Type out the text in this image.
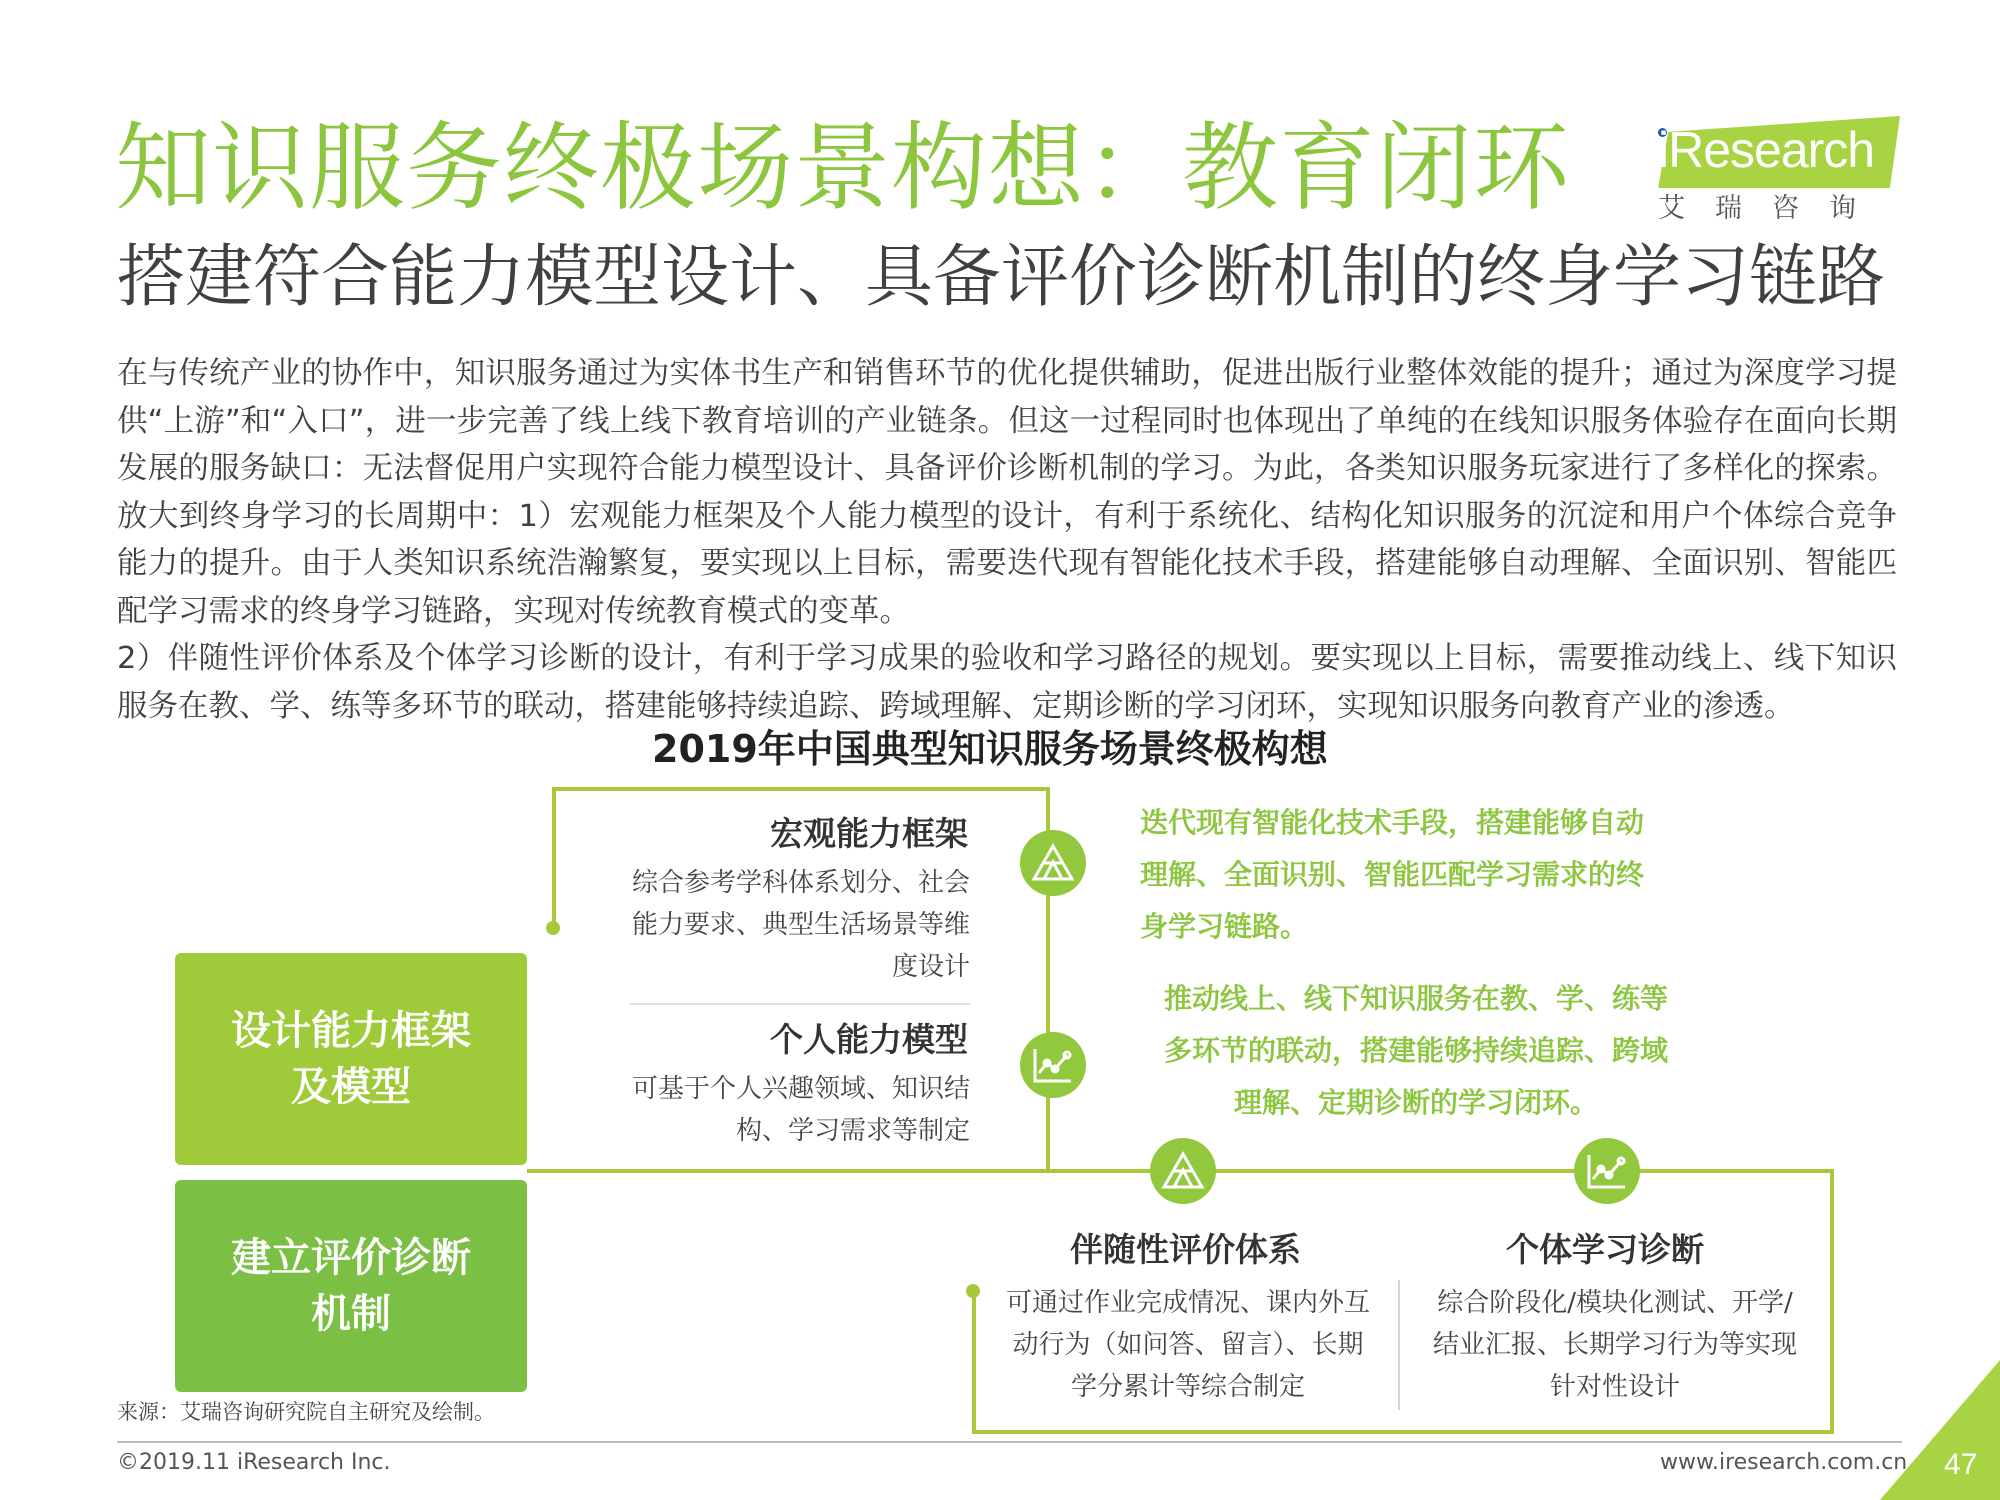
知识服务终极场景构想：教育闭环
搭建符合能力模型设计、具备评价诊断机制的终身学习链路
iResearch
艾瑞咨询

在与传统产业的协作中，知识服务通过为实体书生产和销售环节的优化提供辅助，促进出版行业整体效能的提升；通过为深度学习提供“上游”和“入口”，进一步完善了线上线下教育培训的产业链条。但这一过程同时也体现出了单纯的在线知识服务体验存在面向长期发展的服务缺口：无法督促用户实现符合能力模型设计、具备评价诊断机制的学习。为此，各类知识服务玩家进行了多样化的探索。放大到终身学习的长周期中：1）宏观能力框架及个人能力模型的设计，有利于系统化、结构化知识服务的沉淀和用户个体综合竞争能力的提升。由于人类知识系统浩瀚繁复，要实现以上目标，需要迭代现有智能化技术手段，搭建能够自动理解、全面识别、智能匹配学习需求的终身学习链路，实现对传统教育模式的变革。

2）伴随性评价体系及个体学习诊断的设计，有利于学习成果的验收和学习路径的规划。要实现以上目标，需要推动线上、线下知识服务在教、学、练等多环节的联动，搭建能够持续追踪、跨域理解、定期诊断的学习闭环，实现知识服务向教育产业的渗透。

2019年中国典型知识服务场景终极构想
设计能力框架及模型
建立评价诊断机制
宏观能力框架
综合参考学科体系划分、社会能力要求、典型生活场景等维度设计
个人能力模型
可基于个人兴趣领域、知识结构、学习需求等制定
迭代现有智能化技术手段，搭建能够自动理解、全面识别、智能匹配学习需求的终身学习链路。
推动线上、线下知识服务在教、学、练等多环节的联动，搭建能够持续追踪、跨域理解、定期诊断的学习闭环。
伴随性评价体系
可通过作业完成情况、课内外互动行为（如问答、留言）、长期学分累计等综合制定
个体学习诊断
综合阶段化/模块化测试、开学/结业汇报、长期学习行为等实现针对性设计
来源：艾瑞咨询研究院自主研究及绘制。
©2019.11 iResearch Inc.	www.iresearch.com.cn 47
